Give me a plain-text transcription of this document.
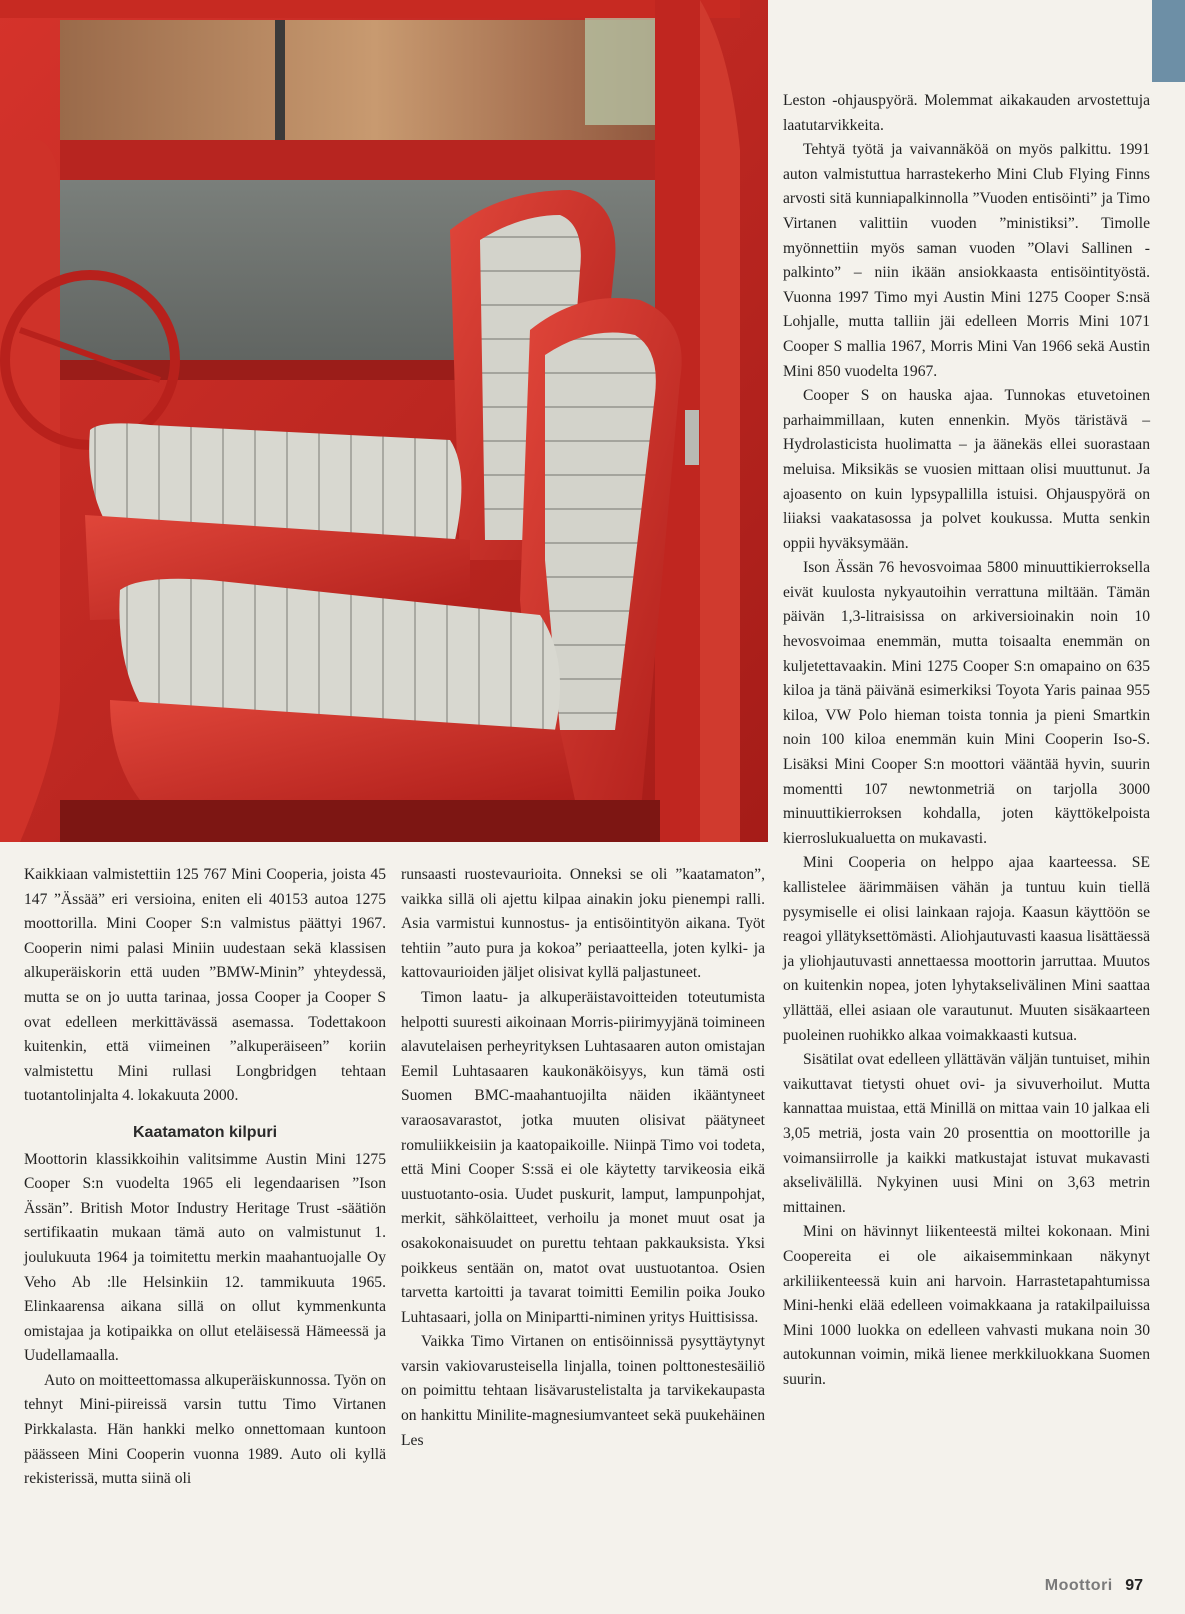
Leston -ohjauspyörä. Molemmat aikakauden arvostettuja laatutarvikkeita.

Tehtyä työtä ja vaivannäköä on myös palkittu. 1991 auton valmistuttua harrastekerho Mini Club Flying Finns arvosti sitä kunniapalkinnolla ”Vuoden entisöinti” ja Timo Virtanen valittiin vuoden ”ministiksi”. Timolle myönnettiin myös saman vuoden ”Olavi Sallinen -palkinto” – niin ikään ansiokkaasta entisöintityöstä. Vuonna 1997 Timo myi Austin Mini 1275 Cooper S:nsä Lohjalle, mutta talliin jäi edelleen Morris Mini 1071 Cooper S mallia 1967, Morris Mini Van 1966 sekä Austin Mini 850 vuodelta 1967.

Cooper S on hauska ajaa. Tunnokas etuvetoinen parhaimmillaan, kuten ennenkin. Myös täristävä – Hydrolasticista huolimatta – ja äänekäs ellei suorastaan meluisa. Miksikäs se vuosien mittaan olisi muuttunut. Ja ajoasento on kuin lypsypallilla istuisi. Ohjauspyörä on liiaksi vaakatasossa ja polvet koukussa. Mutta senkin oppii hyväksymään.

Ison Ässän 76 hevosvoimaa 5800 minuuttikierroksella eivät kuulosta nykyautoihin verrattuna miltään. Tämän päivän 1,3-litraisissa on arkiversioinakin noin 10 hevosvoimaa enemmän, mutta toisaalta enemmän on kuljetettavaakin. Mini 1275 Cooper S:n omapaino on 635 kiloa ja tänä päivänä esimerkiksi Toyota Yaris painaa 955 kiloa, VW Polo hieman toista tonnia ja pieni Smartkin noin 100 kiloa enemmän kuin Mini Cooperin Iso-S. Lisäksi Mini Cooper S:n moottori vääntää hyvin, suurin momentti 107 newtonmetriä on tarjolla 3000 minuuttikierroksen kohdalla, joten käyttökelpoista kierroslukualuetta on mukavasti.

Mini Cooperia on helppo ajaa kaarteessa. SE kallistelee äärimmäisen vähän ja tuntuu kuin tiellä pysymiselle ei olisi lainkaan rajoja. Kaasun käyttöön se reagoi yllätyksettömästi. Aliohjautuvasti kaasua lisättäessä ja yliohjautuvasti annettaessa moottorin jarruttaa. Muutos on kuitenkin nopea, joten lyhytakselivälinen Mini saattaa yllättää, ellei asiaan ole varautunut. Muuten sisäkaarteen puoleinen ruohikko alkaa voimakkaasti kutsua.

Sisätilat ovat edelleen yllättävän väljän tuntuiset, mihin vaikuttavat tietysti ohuet ovi- ja sivuverhoilut. Mutta kannattaa muistaa, että Minillä on mittaa vain 10 jalkaa eli 3,05 metriä, josta vain 20 prosenttia on moottorille ja voimansiirrolle ja kaikki matkustajat istuvat mukavasti akselivälillä. Nykyinen uusi Mini on 3,63 metrin mittainen.

Mini on hävinnyt liikenteestä miltei kokonaan. Mini Coopereita ei ole aikaisemminkaan näkynyt arkiliikenteessä kuin ani harvoin. Harrastetapahtumissa Mini-henki elää edelleen voimakkaana ja ratakilpailuissa Mini 1000 luokka on edelleen vahvasti mukana noin 30 autokunnan voimin, mikä lienee merkkiluokkana Suomen suurin.

Kaikkiaan valmistettiin 125 767 Mini Cooperia, joista 45 147 ”Ässää” eri versioina, eniten eli 40153 autoa 1275 moottorilla. Mini Cooper S:n valmistus päättyi 1967. Cooperin nimi palasi Miniin uudestaan sekä klassisen alkuperäiskorin että uuden ”BMW-Minin” yhteydessä, mutta se on jo uutta tarinaa, jossa Cooper ja Cooper S ovat edelleen merkittävässä asemassa. Todettakoon kuitenkin, että viimeinen ”alkuperäiseen” koriin valmistettu Mini rullasi Longbridgen tehtaan tuotantolinjalta 4. lokakuuta 2000.

Kaatamaton kilpuri

Moottorin klassikkoihin valitsimme Austin Mini 1275 Cooper S:n vuodelta 1965 eli legendaarisen ”Ison Ässän”. British Motor Industry Heritage Trust -säätiön sertifikaatin mukaan tämä auto on valmistunut 1. joulukuuta 1964 ja toimitettu merkin maahantuojalle Oy Veho Ab :lle Helsinkiin 12. tammikuuta 1965. Elinkaarensa aikana sillä on ollut kymmenkunta omistajaa ja kotipaikka on ollut eteläisessä Hämeessä ja Uudellamaalla.

Auto on moitteettomassa alkuperäiskunnossa. Työn on tehnyt Mini-piireissä varsin tuttu Timo Virtanen Pirkkalasta. Hän hankki melko onnettomaan kuntoon päässeen Mini Cooperin vuonna 1989. Auto oli kyllä rekisterissä, mutta siinä oli

runsaasti ruostevaurioita. Onneksi se oli ”kaatamaton”, vaikka sillä oli ajettu kilpaa ainakin joku pienempi ralli. Asia varmistui kunnostus- ja entisöintityön aikana. Työt tehtiin ”auto pura ja kokoa” periaatteella, joten kylki- ja kattovaurioiden jäljet olisivat kyllä paljastuneet.

Timon laatu- ja alkuperäistavoitteiden toteutumista helpotti suuresti aikoinaan Morris-piirimyyjänä toimineen alavutelaisen perheyrityksen Luhtasaaren auton omistajan Eemil Luhtasaaren kaukonäköisyys, kun tämä osti Suomen BMC-maahantuojilta näiden ikääntyneet varaosavarastot, jotka muuten olisivat päätyneet romuliikkeisiin ja kaatopaikoille. Niinpä Timo voi todeta, että Mini Cooper S:ssä ei ole käytetty tarvikeosia eikä uustuotanto-osia. Uudet puskurit, lamput, lampunpohjat, merkit, sähkölaitteet, verhoilu ja monet muut osat ja osakokonaisuudet on purettu tehtaan pakkauksista. Yksi poikkeus sentään on, matot ovat uustuotantoa. Osien tarvetta kartoitti ja tavarat toimitti Eemilin poika Jouko Luhtasaari, jolla on Minipartti-niminen yritys Huittisissa.

Vaikka Timo Virtanen on entisöinnissä pysyttäytynyt varsin vakiovarusteisella linjalla, toinen polttonestesäiliö on poimittu tehtaan lisävarustelistalta ja tarvikekaupasta on hankittu Minilite-magnesiumvanteet sekä puukehäinen Les

Moottori 97
